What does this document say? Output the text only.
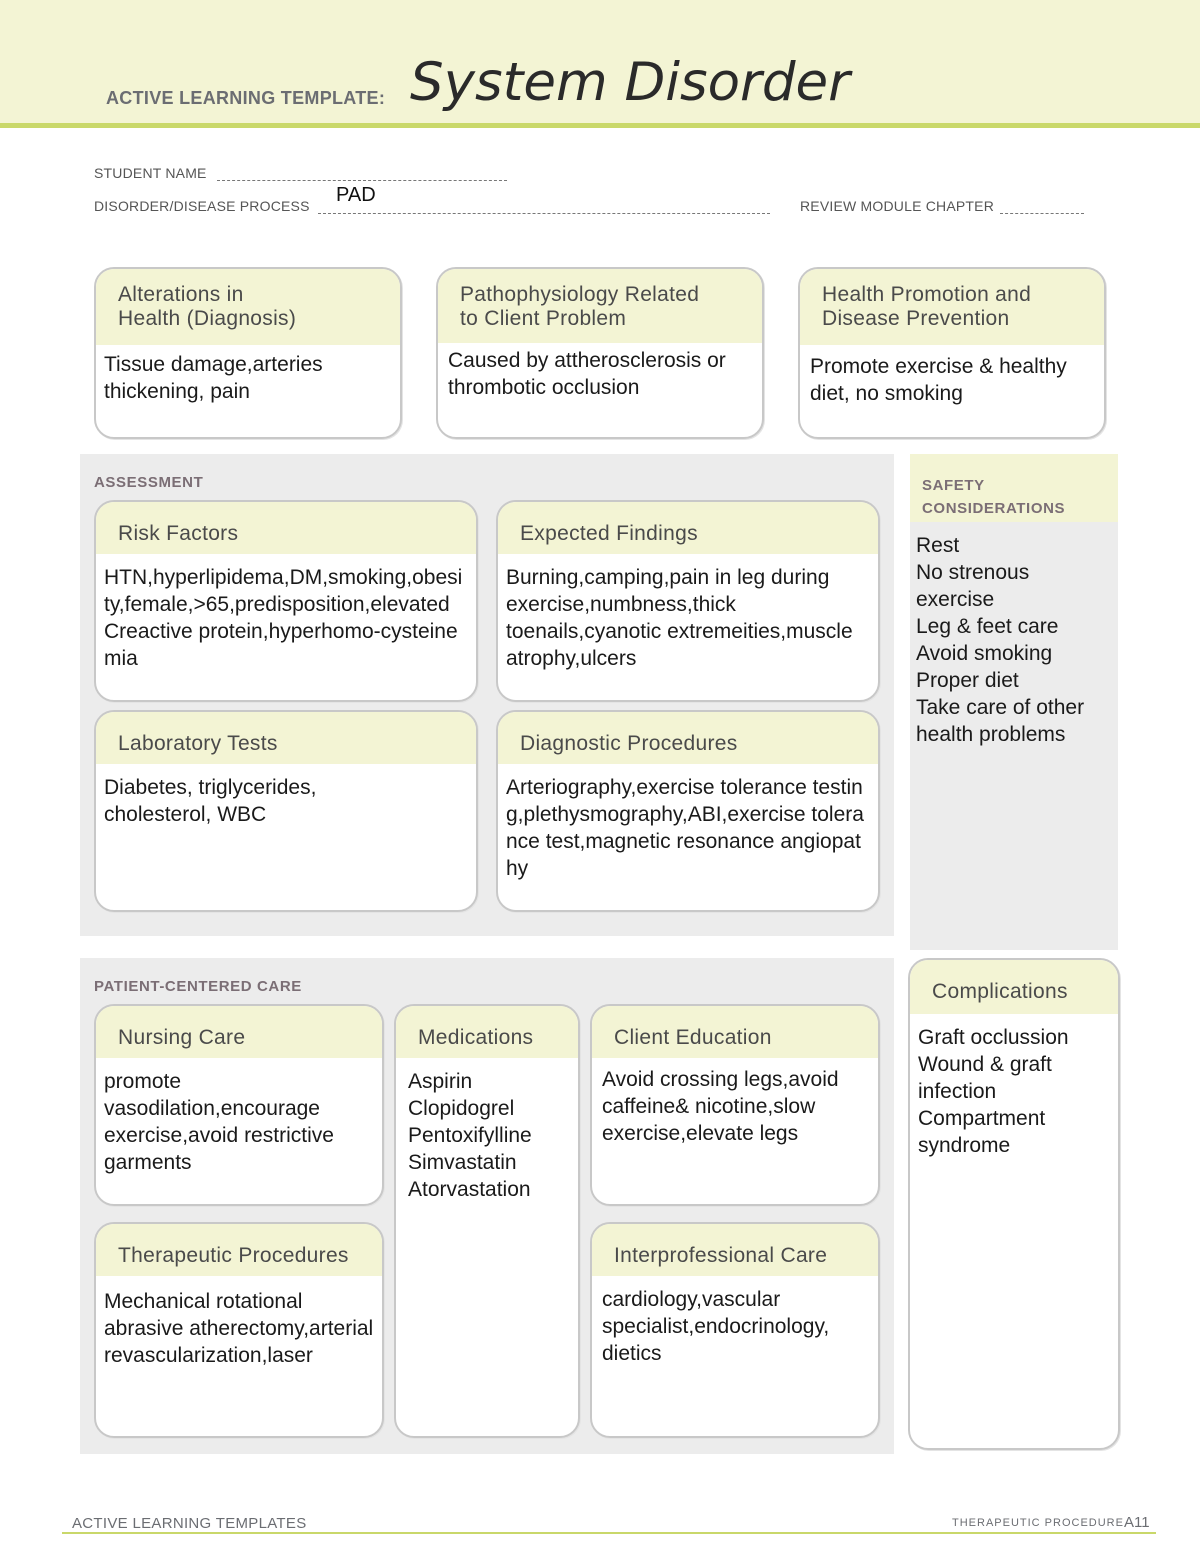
ACTIVE LEARNING TEMPLATE: System Disorder
STUDENT NAME
DISORDER/DISEASE PROCESS	PAD	REVIEW MODULE CHAPTER
Alterations in
Health (Diagnosis)
Tissue damage,arteries thickening, pain
Pathophysiology Related
to Client Problem
Caused by attherosclerosis or thrombotic occlusion
Health Promotion and
Disease Prevention
Promote exercise & healthy diet, no smoking
ASSESSMENT
Risk Factors
HTN,hyperlipidema,DM,smoking,obesity,female,>65,predisposition,elevated Creactive protein,hyperhomo-cysteinemia
Expected Findings
Burning,camping,pain in leg during exercise,numbness,thick toenails,cyanotic extremeities,muscle atrophy,ulcers
Laboratory Tests
Diabetes, triglycerides, cholesterol, WBC
Diagnostic Procedures
Arteriography,exercise tolerance testing,plethysmography,ABI,exercise tolerance test,magnetic resonance angiopathy
SAFETY
CONSIDERATIONS
Rest
No strenous
exercise
Leg & feet care
Avoid smoking
Proper diet
Take care of other
health problems
PATIENT-CENTERED CARE
Nursing Care
promote vasodilation,encourage exercise,avoid restrictive garments
Medications
Aspirin
Clopidogrel
Pentoxifylline
Simvastatin
Atorvastation
Client Education
Avoid crossing legs,avoid caffeine& nicotine,slow exercise,elevate legs
Therapeutic Procedures
Mechanical rotational abrasive atherectomy,arterial revascularization,laser
Interprofessional Care
cardiology,vascular specialist,endocrinology, dietics
Complications
Graft occlussion
Wound & graft
infection
Compartment
syndrome
ACTIVE LEARNING TEMPLATES	THERAPEUTIC PROCEDURE A11
